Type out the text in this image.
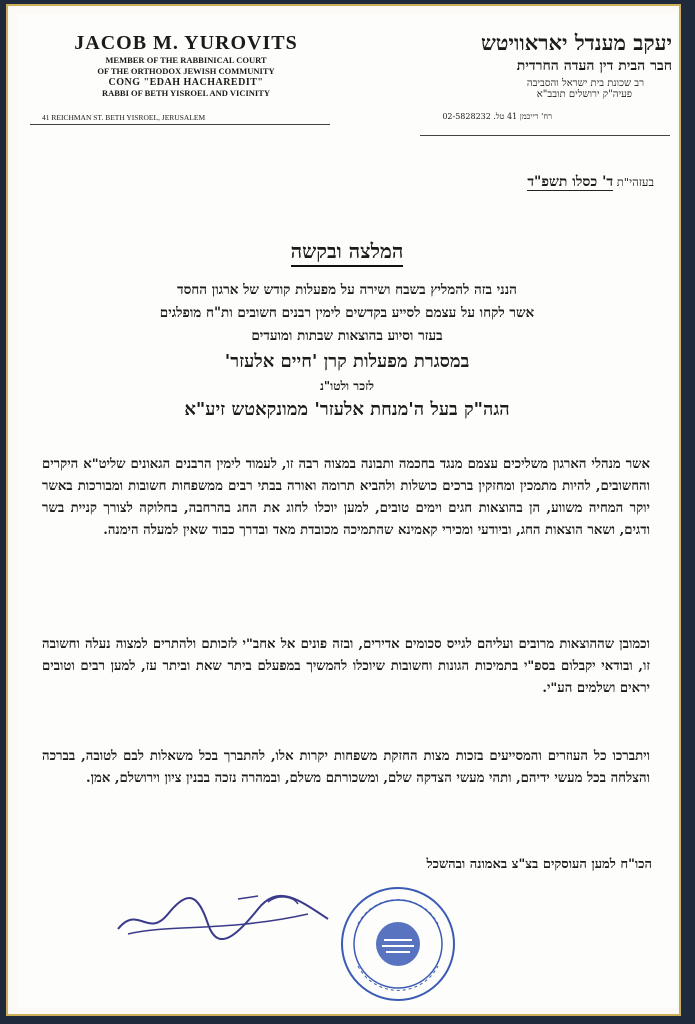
JACOB M. YUROVITS
MEMBER OF THE RABBINICAL COURT
OF THE ORTHODOX JEWISH COMMUNITY
CONG "EDAH HACHAREDIT"
RABBI OF BETH YISROEL AND VICINITY
41 REICHMAN ST. BETH YISROEL, JERUSALEM
יעקב מענדל יאראוויטש
חבר הבית דין העדה החרדית
רב שכונת בית ישראל והסביבה
פעיה"ק ירושלים תובב"א
רח' רייכמן 41 טל. 02-5828232
בעזהי"ת ד' כסלו תשפ"ד
המלצה ובקשה
הנני בזה להמליץ בשבח ושירה על מפעלות קודש של ארגון החסד
אשר לקחו על עצמם לסייע בקדשים לימין רבנים חשובים ות"ח מופלגים
בעזר וסיוע בהוצאות שבתות ומועדים
במסגרת מפעלות קרן 'חיים אלעזר'
לזכר ולטו"נ
הגה"ק בעל ה'מנחת אלעזר' ממונקאטש זיע"א
אשר מנהלי הארגון משליכים עצמם מנגד בחכמה ותבונה במצוה רבה זו, לעמוד לימין הרבנים הגאונים שליט"א היקרים והחשובים, להיות מתמכין ומחזקין ברכים כושלות ולהביא תרומה ואורה בבתי רבים ממשפחות חשובות ומבורכות באשר יוקר המחיה משווע, הן בהוצאות חגים וימים טובים, למען יוכלו לחוג את החג בהרחבה, בחלוקה לצורך קניית בשר ודגים, ושאר הוצאות החג, וביודעי ומכירי קאמינא שהתמיכה מכובדת מאד ובדרך כבוד שאין למעלה הימנה.
וכמובן שההוצאות מרובים ועליהם לגייס סכומים אדירים, ובזה פונים אל אחב"י לזכותם ולהתרים למצוה נעלה וחשובה זו, ובודאי יקבלום בספ"י בתמיכות הגונות וחשובות שיוכלו להמשיך במפעלם ביתר שאת וביתר עז, למען רבים וטובים יראים ושלמים הע"י.
ויתברכו כל העוזרים והמסייעים בזכות מצות החזקת משפחות יקרות אלו, להתברך בכל משאלות לבם לטובה, בברכה והצלחה בכל מעשי ידיהם, ותהי מעשי הצדקה שלם, ומשכורתם משלם, ובמהרה נזכה בבנין ציון וירושלם, אמן.
הכו"ח למען העוסקים בצ"צ באמונה ובהשכל
